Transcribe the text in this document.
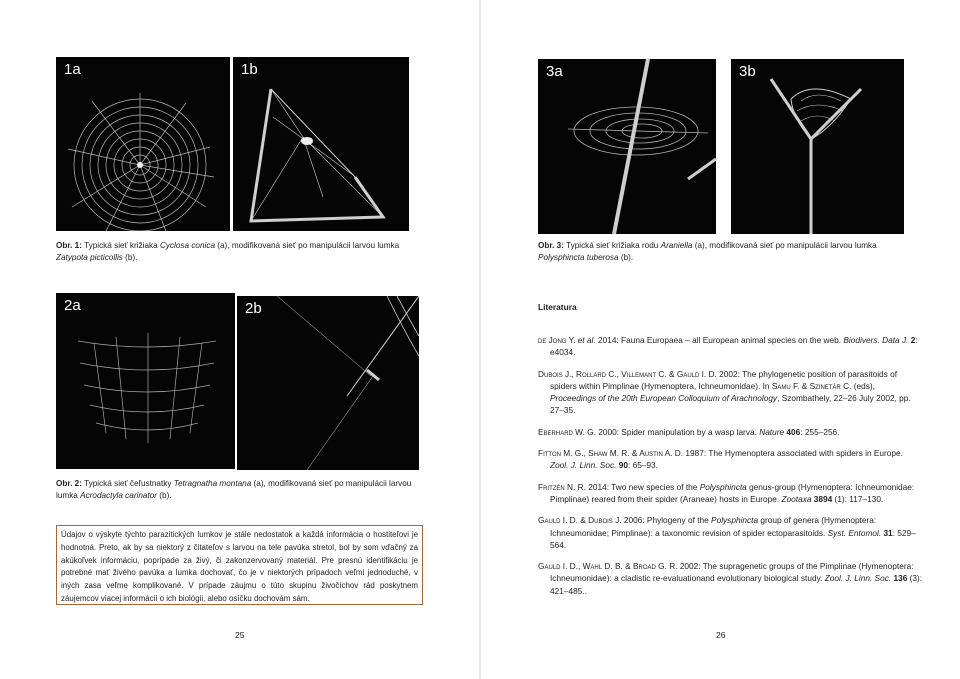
1a	1b
Obr. 1: Typická sieť križiaka Cyclosa conica (a), modifikovaná sieť po manipulácii larvou lumka Zatypota picticollis (b).
2a	2b
Obr. 2: Typická sieť čeľustnatky Tetragnatha montana (a), modifikovaná sieť po manipulácii larvou lumka Acrodactyla carinator (b).
Údajov o výskyte týchto parazitických lumkov je stále nedostatok a každá informácia o hostiteľovi je hodnotná. Preto, ak by sa niektorý z čitateľov s larvou na tele pavúka stretol, bol by som vďačný za akúkoľvek informáciu, poprípade za živý, či zakonzervovaný materiál. Pre presnú identifikáciu je potrebné mať živého pavúka a lumka dochovať, čo je v niektorých prípadoch veľmi jednoduché, v iných zasa veľme komplikované. V prípade záujmu o túto skupinu živočíchov rád poskytnem záujemcov viacej informácií o ich biológii, alebo osíčku dochovám sám.
25
3a	3b
Obr. 3: Typická sieť križiaka rodu Araniella (a), modifikovaná sieť po manipulácii larvou lumka Polysphincta tuberosa (b).
26
Literatura
de Jong Y. et al. 2014: Fauna Europaea – all European animal species on the web. Biodivers. Data J. 2: e4034.
Dubois J., Rollard C., Villemant C. & Gauld I. D. 2002: The phylogenetic position of parasitoids of spiders within Pimplinae (Hymenoptera, Ichneumonidae). In Samu F. & Szinetár C. (eds), Proceedings of the 20th European Colloquium of Arachnology, Szombathely, 22–26 July 2002, pp. 27–35.
Eberhard W. G. 2000: Spider manipulation by a wasp larva. Nature 406: 255–256.
Fitton M. G., Shaw M. R. & Austin A. D. 1987: The Hymenoptera associated with spiders in Europe. Zool. J. Linn. Soc. 90: 65–93.
Fritzén N. R. 2014: Two new species of the Polysphincta genus-group (Hymenoptera: Ichneumonidae: Pimplinae) reared from their spider (Araneae) hosts in Europe. Zootaxa 3894 (1): 117–130.
Gauld I. D. & Dubois J. 2006: Phylogeny of the Polysphincta group of genera (Hymenoptera: Ichneumonidae; Pimplinae): a taxonomic revision of spider ectoparasitoids. Syst. Entomol. 31: 529–564.
Gauld I. D., Wahl D. B. & Broad G. R. 2002: The supragenetic groups of the Pimplinae (Hymenoptera: Ichneumonidae): a cladistic re-evaluationand evolutionary biological study. Zool. J. Linn. Soc. 136 (3): 421–485..
